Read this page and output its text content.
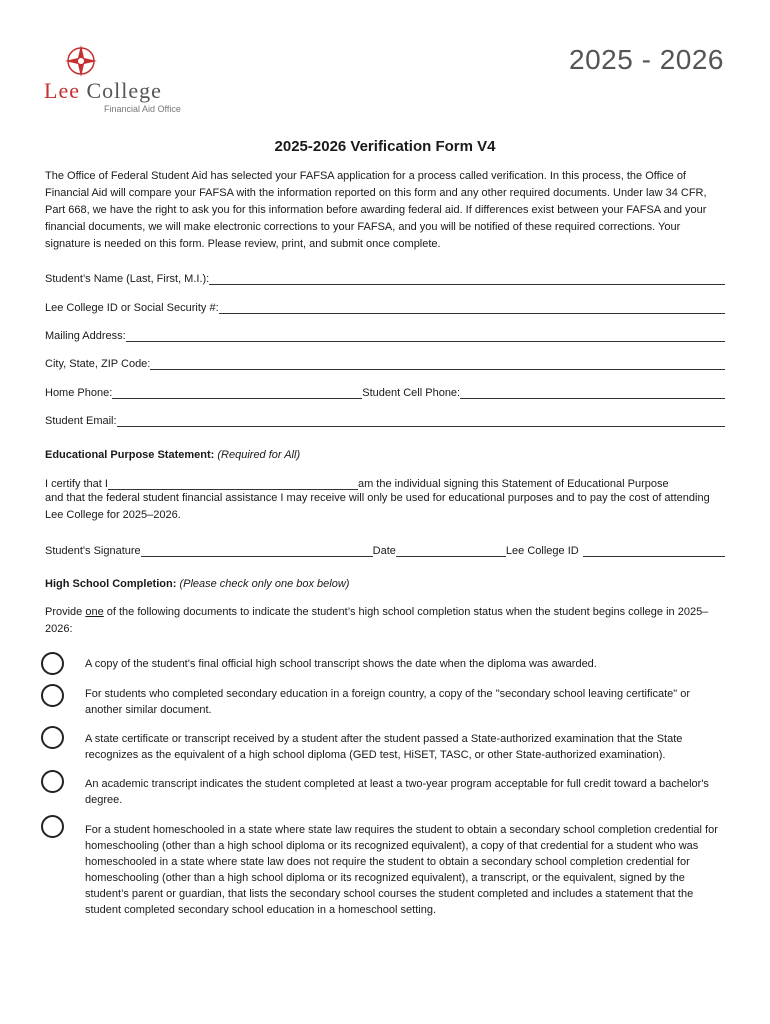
Lee College
Financial Aid Office
2025 - 2026
2025-2026 Verification Form V4
The Office of Federal Student Aid has selected your FAFSA application for a process called verification. In this process, the Office of Financial Aid will compare your FAFSA with the information reported on this form and any other required documents. Under law 34 CFR, Part 668, we have the right to ask you for this information before awarding federal aid. If differences exist between your FAFSA and your financial documents, we will make electronic corrections to your FAFSA, and you will be notified of these required corrections. Your signature is needed on this form. Please review, print, and submit once complete.
Student’s Name (Last, First, M.I.):
Lee College ID or Social Security #:
Mailing Address:
City, State, ZIP Code:
Home Phone:	Student Cell Phone:
Student Email:
Educational Purpose Statement: (Required for All)
I certify that I	am the individual signing this Statement of Educational Purpose
and that the federal student financial assistance I may receive will only be used for educational purposes and to pay the cost of attending Lee College for 2025–2026.
Student's Signature	Date	Lee College ID
High School Completion: (Please check only one box below)
Provide one of the following documents to indicate the student’s high school completion status when the student begins college in 2025–2026:
A copy of the student's final official high school transcript shows the date when the diploma was awarded.
For students who completed secondary education in a foreign country, a copy of the "secondary school leaving certificate" or another similar document.
A state certificate or transcript received by a student after the student passed a State-authorized examination that the State recognizes as the equivalent of a high school diploma (GED test, HiSET, TASC, or other State-authorized examination).
An academic transcript indicates the student completed at least a two-year program acceptable for full credit toward a bachelor's degree.
For a student homeschooled in a state where state law requires the student to obtain a secondary school completion credential for homeschooling (other than a high school diploma or its recognized equivalent), a copy of that credential for a student who was homeschooled in a state where state law does not require the student to obtain a secondary school completion credential for homeschooling (other than a high school diploma or its recognized equivalent), a transcript, or the equivalent, signed by the student’s parent or guardian, that lists the secondary school courses the student completed and includes a statement that the student completed secondary school education in a homeschool setting.
